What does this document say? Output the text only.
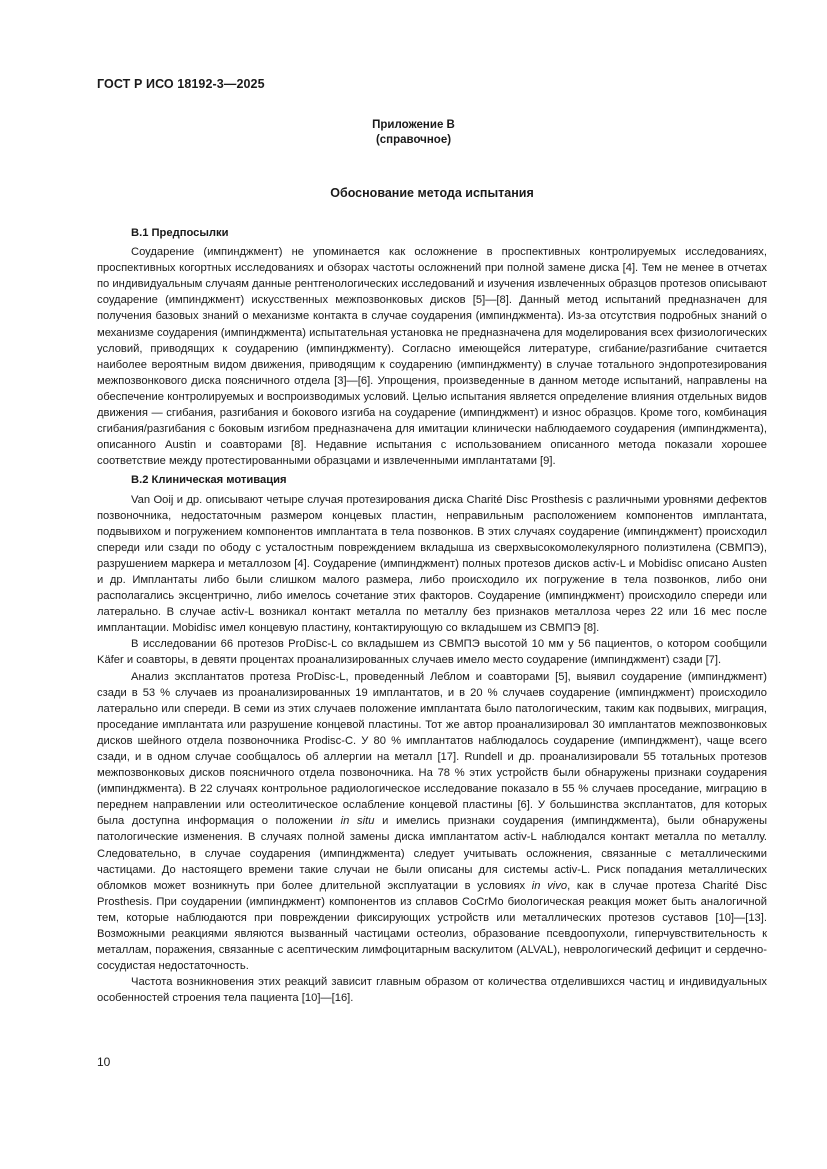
ГОСТ Р ИСО 18192-3—2025
Приложение В
(справочное)
Обоснование метода испытания

В.1 Предпосылки

Соударение (импинджмент) не упоминается как осложнение в проспективных контролируемых исследованиях, проспективных когортных исследованиях и обзорах частоты осложнений при полной замене диска [4]. Тем не менее в отчетах по индивидуальным случаям данные рентгенологических исследований и изучения извлеченных образцов протезов описывают соударение (импинджмент) искусственных межпозвонковых дисков [5]—[8]. Данный метод испытаний предназначен для получения базовых знаний о механизме контакта в случае соударения (импинджмента). Из-за отсутствия подробных знаний о механизме соударения (импинджмента) испытательная установка не предназначена для моделирования всех физиологических условий, приводящих к соударению (импинджменту). Согласно имеющейся литературе, сгибание/разгибание считается наиболее вероятным видом движения, приводящим к соударению (импинджменту) в случае тотального эндопротезирования межпозвонкового диска поясничного отдела [3]—[6]. Упрощения, произведенные в данном методе испытаний, направлены на обеспечение контролируемых и воспроизводимых условий. Целью испытания является определение влияния отдельных видов движения — сгибания, разгибания и бокового изгиба на соударение (импинджмент) и износ образцов. Кроме того, комбинация сгибания/разгибания с боковым изгибом предназначена для имитации клинически наблюдаемого соударения (импинджмента), описанного Austin и соавторами [8]. Недавние испытания с использованием описанного метода показали хорошее соответствие между протестированными образцами и извлеченными имплантатами [9].

В.2 Клиническая мотивация

Van Ooij и др. описывают четыре случая протезирования диска Charité Disc Prosthesis с различными уровнями дефектов позвоночника, недостаточным размером концевых пластин, неправильным расположением компонентов имплантата, подвывихом и погружением компонентов имплантата в тела позвонков. В этих случаях соударение (импинджмент) происходил спереди или сзади по ободу с усталостным повреждением вкладыша из сверхвысокомолекулярного полиэтилена (СВМПЭ), разрушением маркера и металлозом [4]. Соударение (импинджмент) полных протезов дисков activ-L и Mobidisc описано Austen и др. Имплантаты либо были слишком малого размера, либо происходило их погружение в тела позвонков, либо они располагались эксцентрично, либо имелось сочетание этих факторов. Соударение (импинджмент) происходило спереди или латерально. В случае activ-L возникал контакт металла по металлу без признаков металлоза через 22 или 16 мес после имплантации. Mobidisc имел концевую пластину, контактирующую со вкладышем из СВМПЭ [8].

В исследовании 66 протезов ProDisc-L со вкладышем из СВМПЭ высотой 10 мм у 56 пациентов, о котором сообщили Käfer и соавторы, в девяти процентах проанализированных случаев имело место соударение (импинджмент) сзади [7].

Анализ эксплантатов протеза ProDisc-L, проведенный Леблом и соавторами [5], выявил соударение (импинджмент) сзади в 53 % случаев из проанализированных 19 имплантатов, и в 20 % случаев соударение (импинджмент) происходило латерально или спереди. В семи из этих случаев положение имплантата было патологическим, таким как подвывих, миграция, проседание имплантата или разрушение концевой пластины. Тот же автор проанализировал 30 имплантатов межпозвонковых дисков шейного отдела позвоночника Prodisc-C. У 80 % имплантатов наблюдалось соударение (импинджмент), чаще всего сзади, и в одном случае сообщалось об аллергии на металл [17]. Rundell и др. проанализировали 55 тотальных протезов межпозвонковых дисков поясничного отдела позвоночника. На 78 % этих устройств были обнаружены признаки соударения (импинджмента). В 22 случаях контрольное радиологическое исследование показало в 55 % случаев проседание, миграцию в переднем направлении или остеолитическое ослабление концевой пластины [6]. У большинства эксплантатов, для которых была доступна информация о положении in situ и имелись признаки соударения (импинджмента), были обнаружены патологические изменения. В случаях полной замены диска имплантатом activ-L наблюдался контакт металла по металлу. Следовательно, в случае соударения (импинджмента) следует учитывать осложнения, связанные с металлическими частицами. До настоящего времени такие случаи не были описаны для системы activ-L. Риск попадания металлических обломков может возникнуть при более длительной эксплуатации в условиях in vivo, как в случае протеза Charité Disc Prosthesis. При соударении (импинджмент) компонентов из сплавов CoCrMo биологическая реакция может быть аналогичной тем, которые наблюдаются при повреждении фиксирующих устройств или металлических протезов суставов [10]—[13]. Возможными реакциями являются вызванный частицами остеолиз, образование псевдоопухоли, гиперчувствительность к металлам, поражения, связанные с асептическим лимфоцитарным васкулитом (ALVAL), неврологический дефицит и сердечно-сосудистая недостаточность.

Частота возникновения этих реакций зависит главным образом от количества отделившихся частиц и индивидуальных особенностей строения тела пациента [10]—[16].

10
